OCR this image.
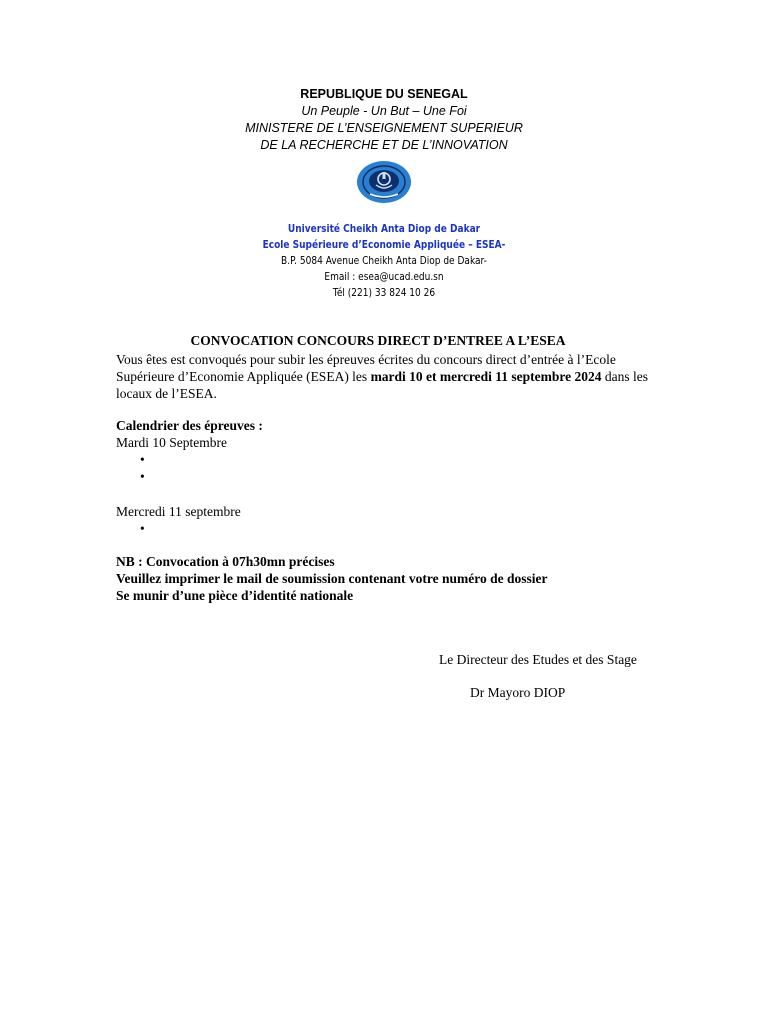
REPUBLIQUE DU SENEGAL
Un Peuple - Un But – Une Foi
MINISTERE DE L’ENSEIGNEMENT SUPERIEUR
DE LA RECHERCHE ET DE L’INNOVATION
Université Cheikh Anta Diop de Dakar
Ecole Supérieure d’Economie Appliquée – ESEA-
B.P. 5084 Avenue Cheikh Anta Diop de Dakar-
Email : esea@ucad.edu.sn
Tél (221) 33 824 10 26
CONVOCATION CONCOURS DIRECT D’ENTREE A L’ESEA
Vous êtes est convoqués pour subir les épreuves écrites du concours direct d’entrée à l’Ecole Supérieure d’Economie Appliquée (ESEA) les mardi 10 et mercredi 11 septembre 2024 dans les locaux de l’ESEA.
Calendrier des épreuves :
Mardi 10 Septembre
•
•
Mercredi 11 septembre
•
NB : Convocation à 07h30mn précises
Veuillez imprimer le mail de soumission contenant votre numéro de dossier
Se munir d’une pièce d’identité nationale
Le Directeur des Etudes et des Stage
Dr Mayoro DIOP
